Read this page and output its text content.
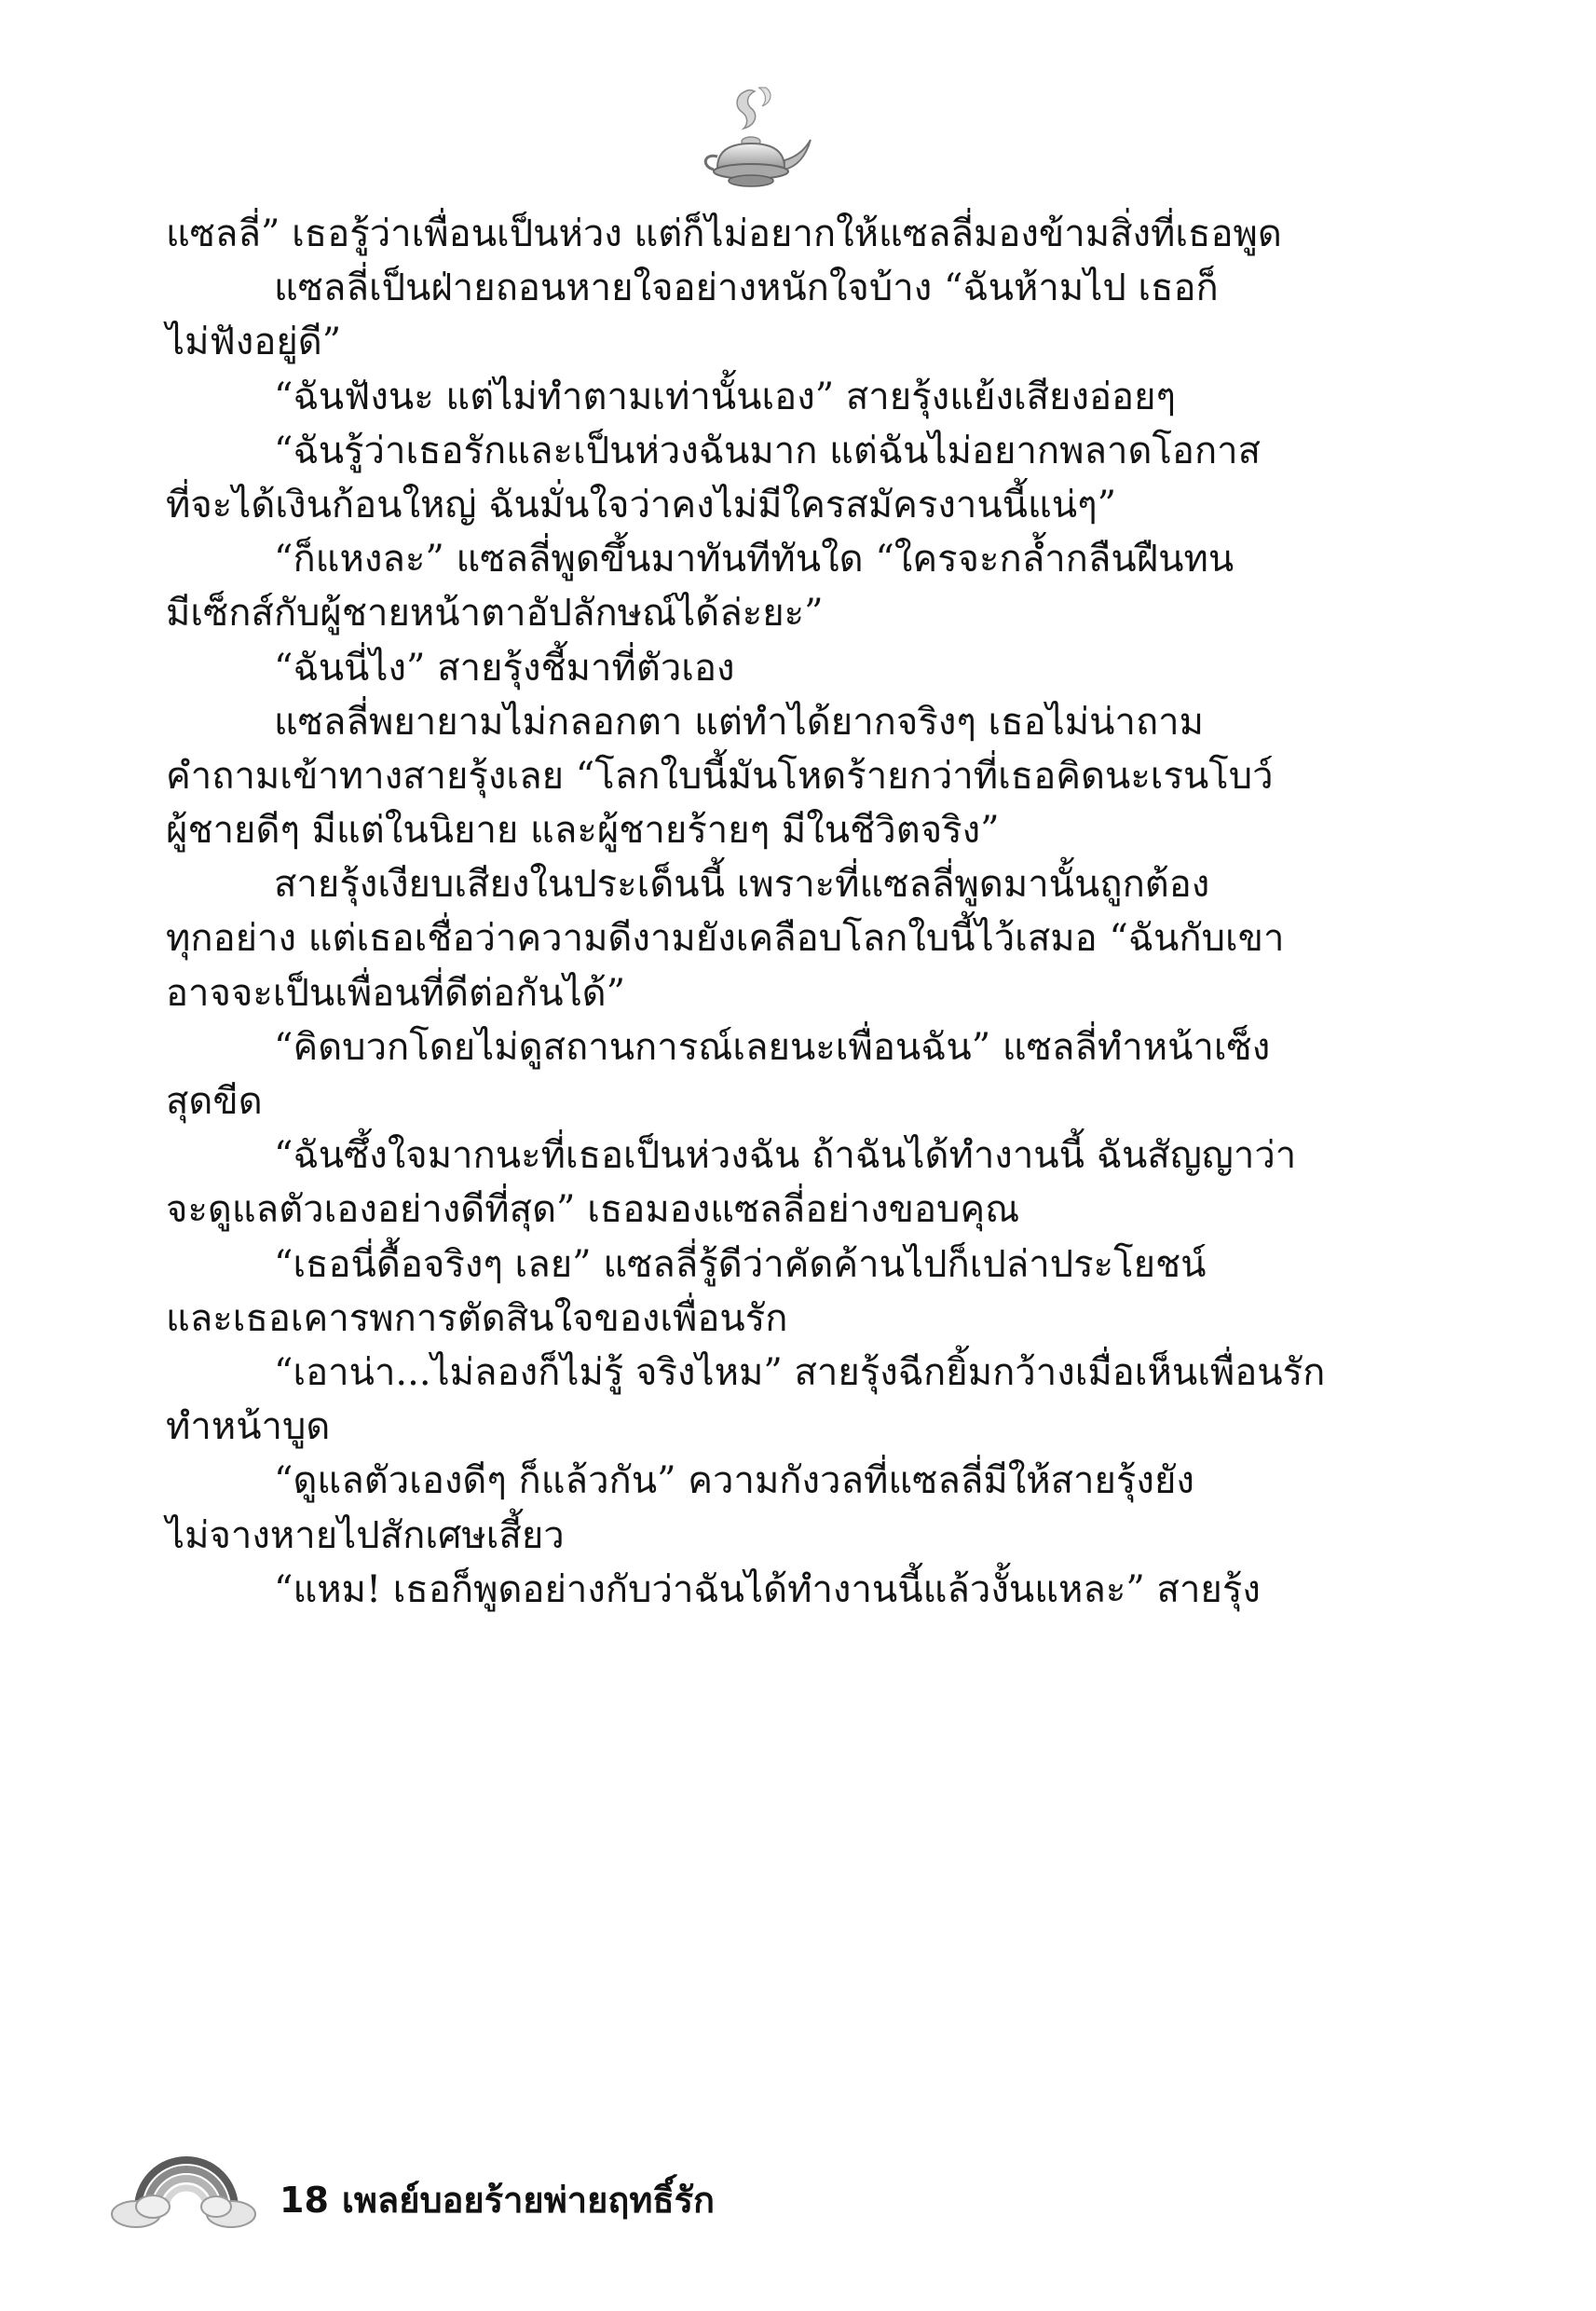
แซลลี่” เธอรู้ว่าเพื่อนเป็นห่วง แต่ก็ไม่อยากให้แซลลี่มองข้ามสิ่งที่เธอพูด
แซลลี่เป็นฝ่ายถอนหายใจอย่างหนักใจบ้าง “ฉันห้ามไป เธอก็
ไม่ฟังอยู่ดี”
“ฉันฟังนะ แต่ไม่ทำตามเท่านั้นเอง” สายรุ้งแย้งเสียงอ่อยๆ
“ฉันรู้ว่าเธอรักและเป็นห่วงฉันมาก แต่ฉันไม่อยากพลาดโอกาส
ที่จะได้เงินก้อนใหญ่ ฉันมั่นใจว่าคงไม่มีใครสมัครงานนี้แน่ๆ”
“ก็แหงละ” แซลลี่พูดขึ้นมาทันทีทันใด “ใครจะกล้ำกลืนฝืนทน
มีเซ็กส์กับผู้ชายหน้าตาอัปลักษณ์ได้ล่ะยะ”
“ฉันนี่ไง” สายรุ้งชี้มาที่ตัวเอง
แซลลี่พยายามไม่กลอกตา แต่ทำได้ยากจริงๆ เธอไม่น่าถาม
คำถามเข้าทางสายรุ้งเลย “โลกใบนี้มันโหดร้ายกว่าที่เธอคิดนะเรนโบว์
ผู้ชายดีๆ มีแต่ในนิยาย และผู้ชายร้ายๆ มีในชีวิตจริง”
สายรุ้งเงียบเสียงในประเด็นนี้ เพราะที่แซลลี่พูดมานั้นถูกต้อง
ทุกอย่าง แต่เธอเชื่อว่าความดีงามยังเคลือบโลกใบนี้ไว้เสมอ “ฉันกับเขา
อาจจะเป็นเพื่อนที่ดีต่อกันได้”
“คิดบวกโดยไม่ดูสถานการณ์เลยนะเพื่อนฉัน” แซลลี่ทำหน้าเซ็ง
สุดขีด
“ฉันซึ้งใจมากนะที่เธอเป็นห่วงฉัน ถ้าฉันได้ทำงานนี้ ฉันสัญญาว่า
จะดูแลตัวเองอย่างดีที่สุด” เธอมองแซลลี่อย่างขอบคุณ
“เธอนี่ดื้อจริงๆ เลย” แซลลี่รู้ดีว่าคัดค้านไปก็เปล่าประโยชน์
และเธอเคารพการตัดสินใจของเพื่อนรัก
“เอาน่า...ไม่ลองก็ไม่รู้ จริงไหม” สายรุ้งฉีกยิ้มกว้างเมื่อเห็นเพื่อนรัก
ทำหน้าบูด
“ดูแลตัวเองดีๆ ก็แล้วกัน” ความกังวลที่แซลลี่มีให้สายรุ้งยัง
ไม่จางหายไปสักเศษเสี้ยว
“แหม! เธอก็พูดอย่างกับว่าฉันได้ทำงานนี้แล้วงั้นแหละ” สายรุ้ง
18 เพลย์บอยร้ายพ่ายฤทธิ์รัก
